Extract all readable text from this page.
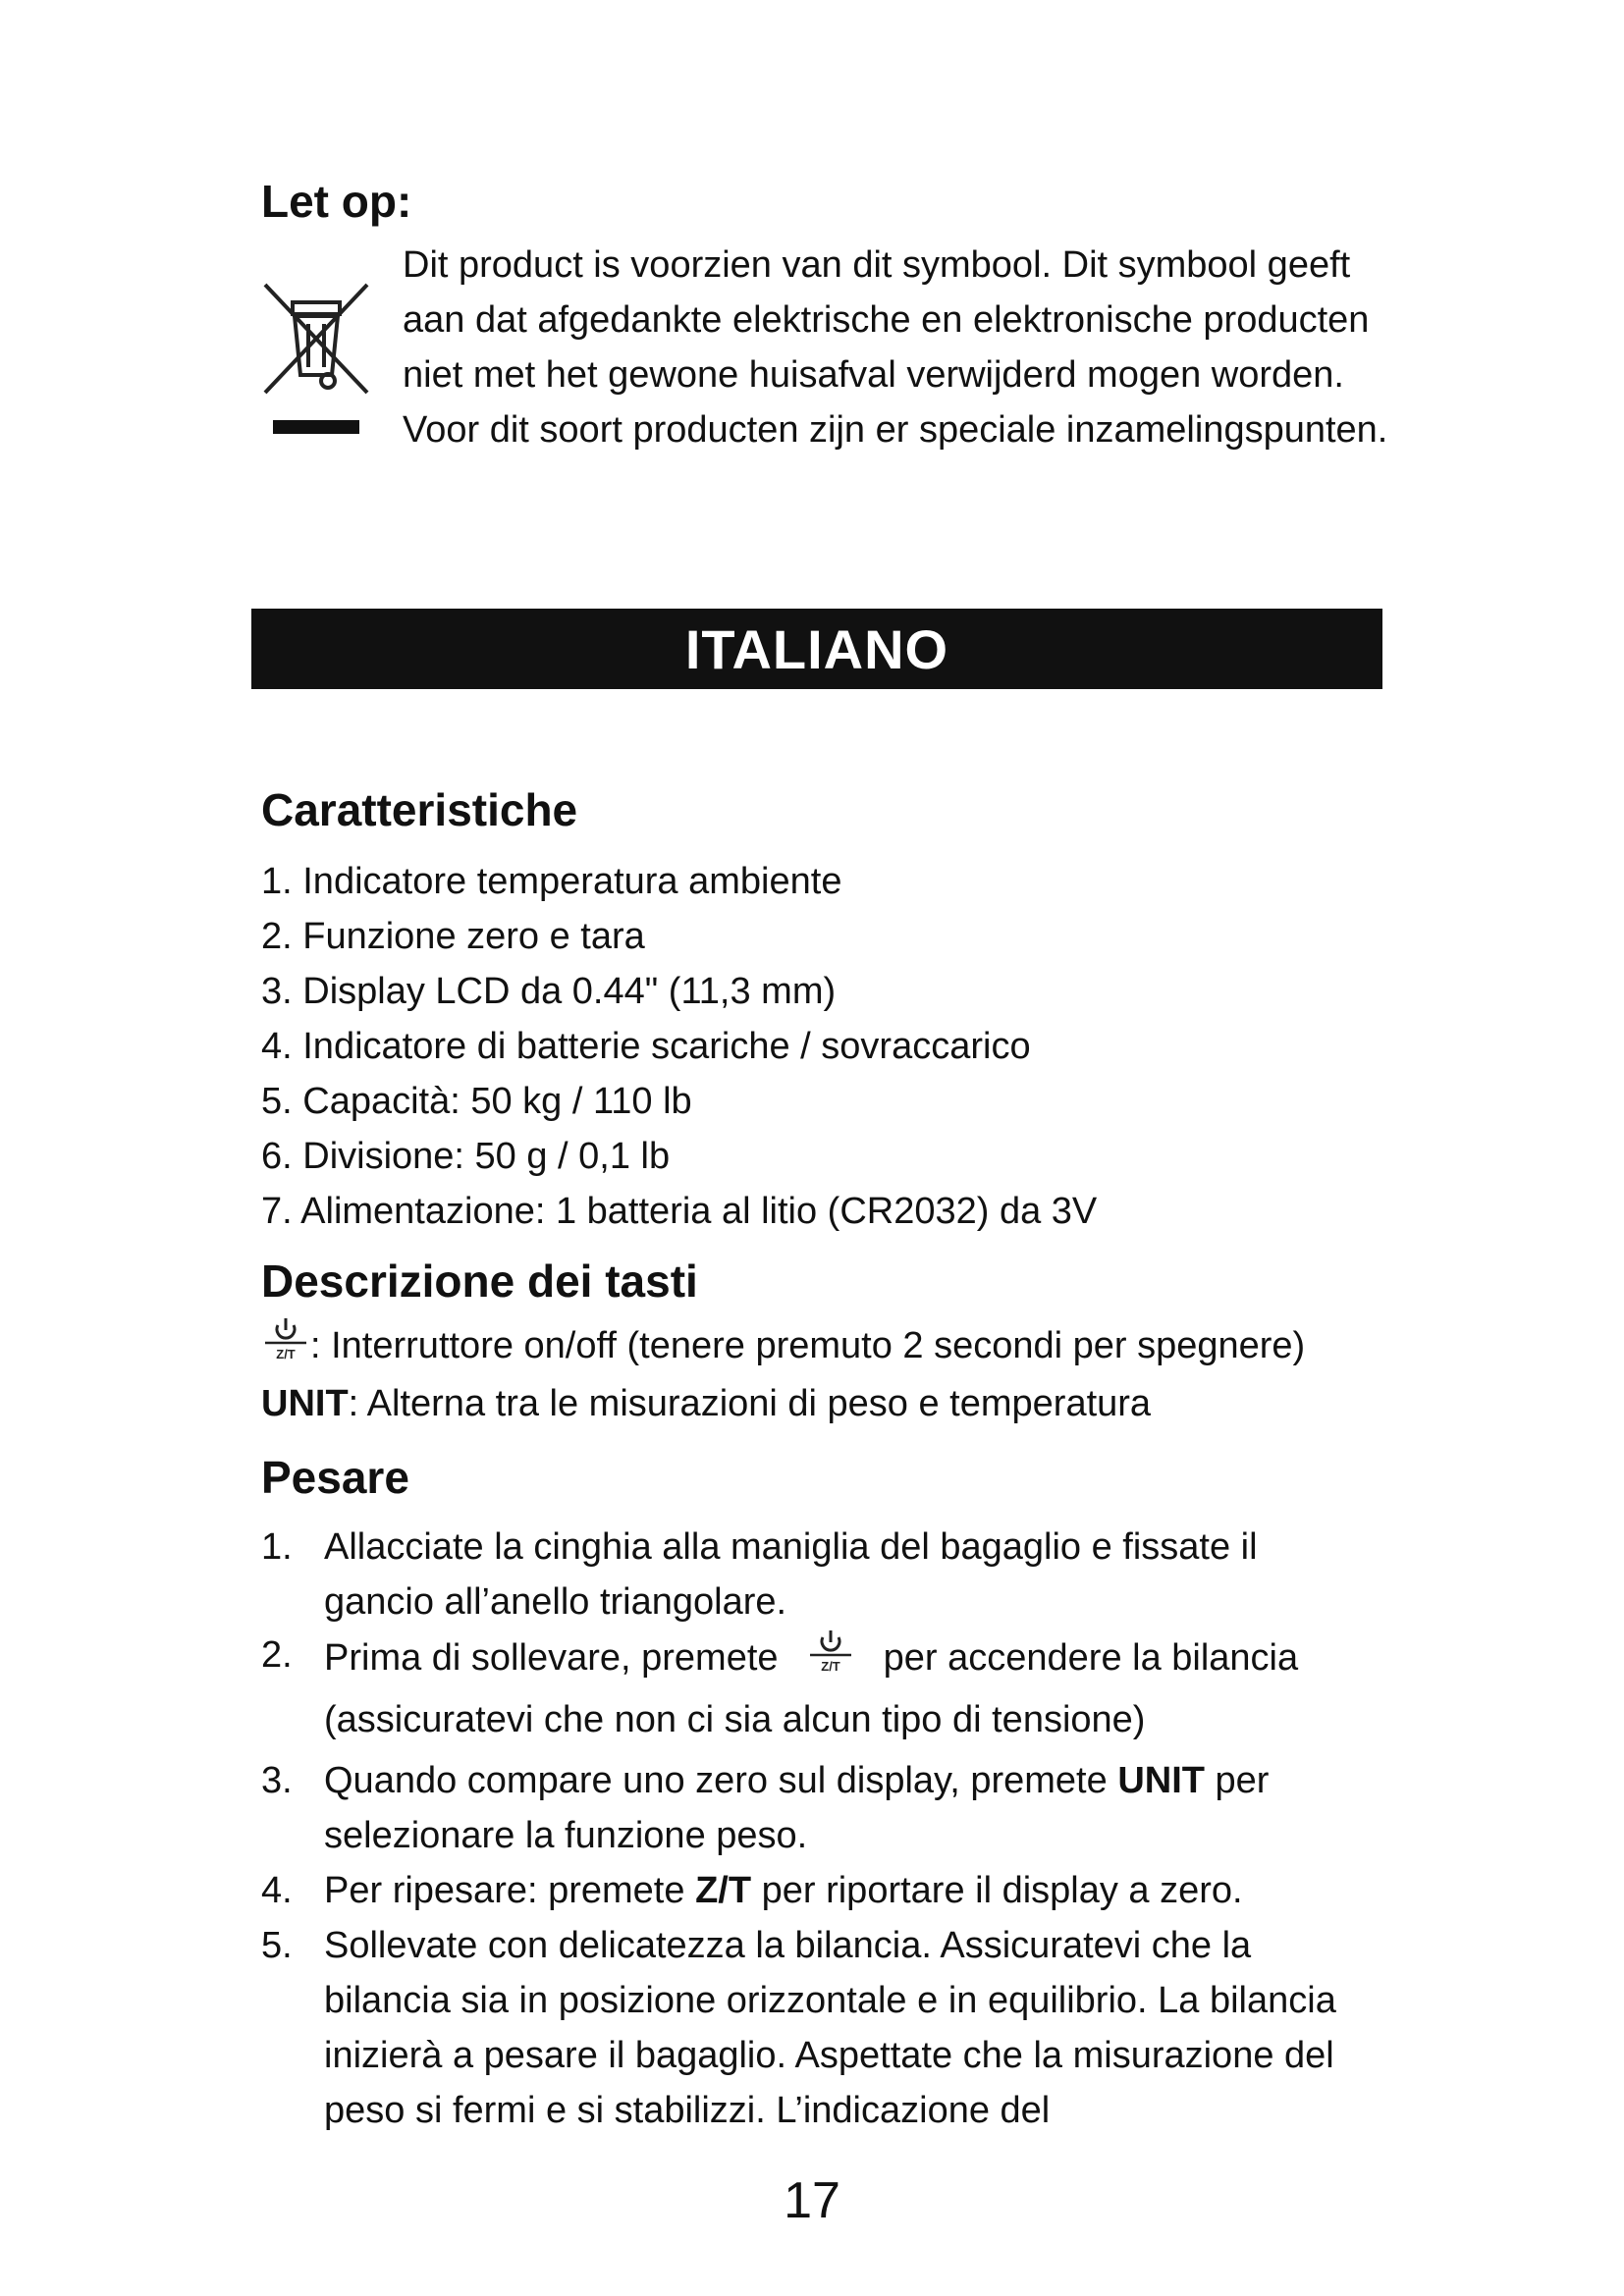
Let op:

Dit product is voorzien van dit symbool. Dit symbool geeft aan dat afgedankte elektrische en elektronische producten niet met het gewone huisafval verwijderd mogen worden. Voor dit soort producten zijn er speciale inzamelingspunten.

ITALIANO
Caratteristiche
1. Indicatore temperatura ambiente
2. Funzione zero e tara
3. Display LCD da 0.44" (11,3 mm)
4. Indicatore di batterie scariche / sovraccarico
5. Capacità: 50 kg / 110 lb
6. Divisione: 50 g / 0,1 lb
7. Alimentazione: 1 batteria al litio (CR2032) da 3V
Descrizione dei tasti

Z/T : Interruttore on/off (tenere premuto 2 secondi per spegnere)

UNIT: Alterna tra le misurazioni di peso e temperatura

Pesare
1. Allacciate la cinghia alla maniglia del bagaglio e fissate il gancio all’anello triangolare.
2. Prima di sollevare, premete	Z/T per accendere la bilancia
(assicuratevi che non ci sia alcun tipo di tensione)
3. Quando compare uno zero sul display, premete UNIT per selezionare la funzione peso.
4. Per ripesare: premete Z/T per riportare il display a zero.
5. Sollevate con delicatezza la bilancia. Assicuratevi che la bilancia sia in posizione orizzontale e in equilibrio. La bilancia inizierà a pesare il bagaglio. Aspettate che la misurazione del peso si fermi e si stabilizzi. L’indicazione del
17
